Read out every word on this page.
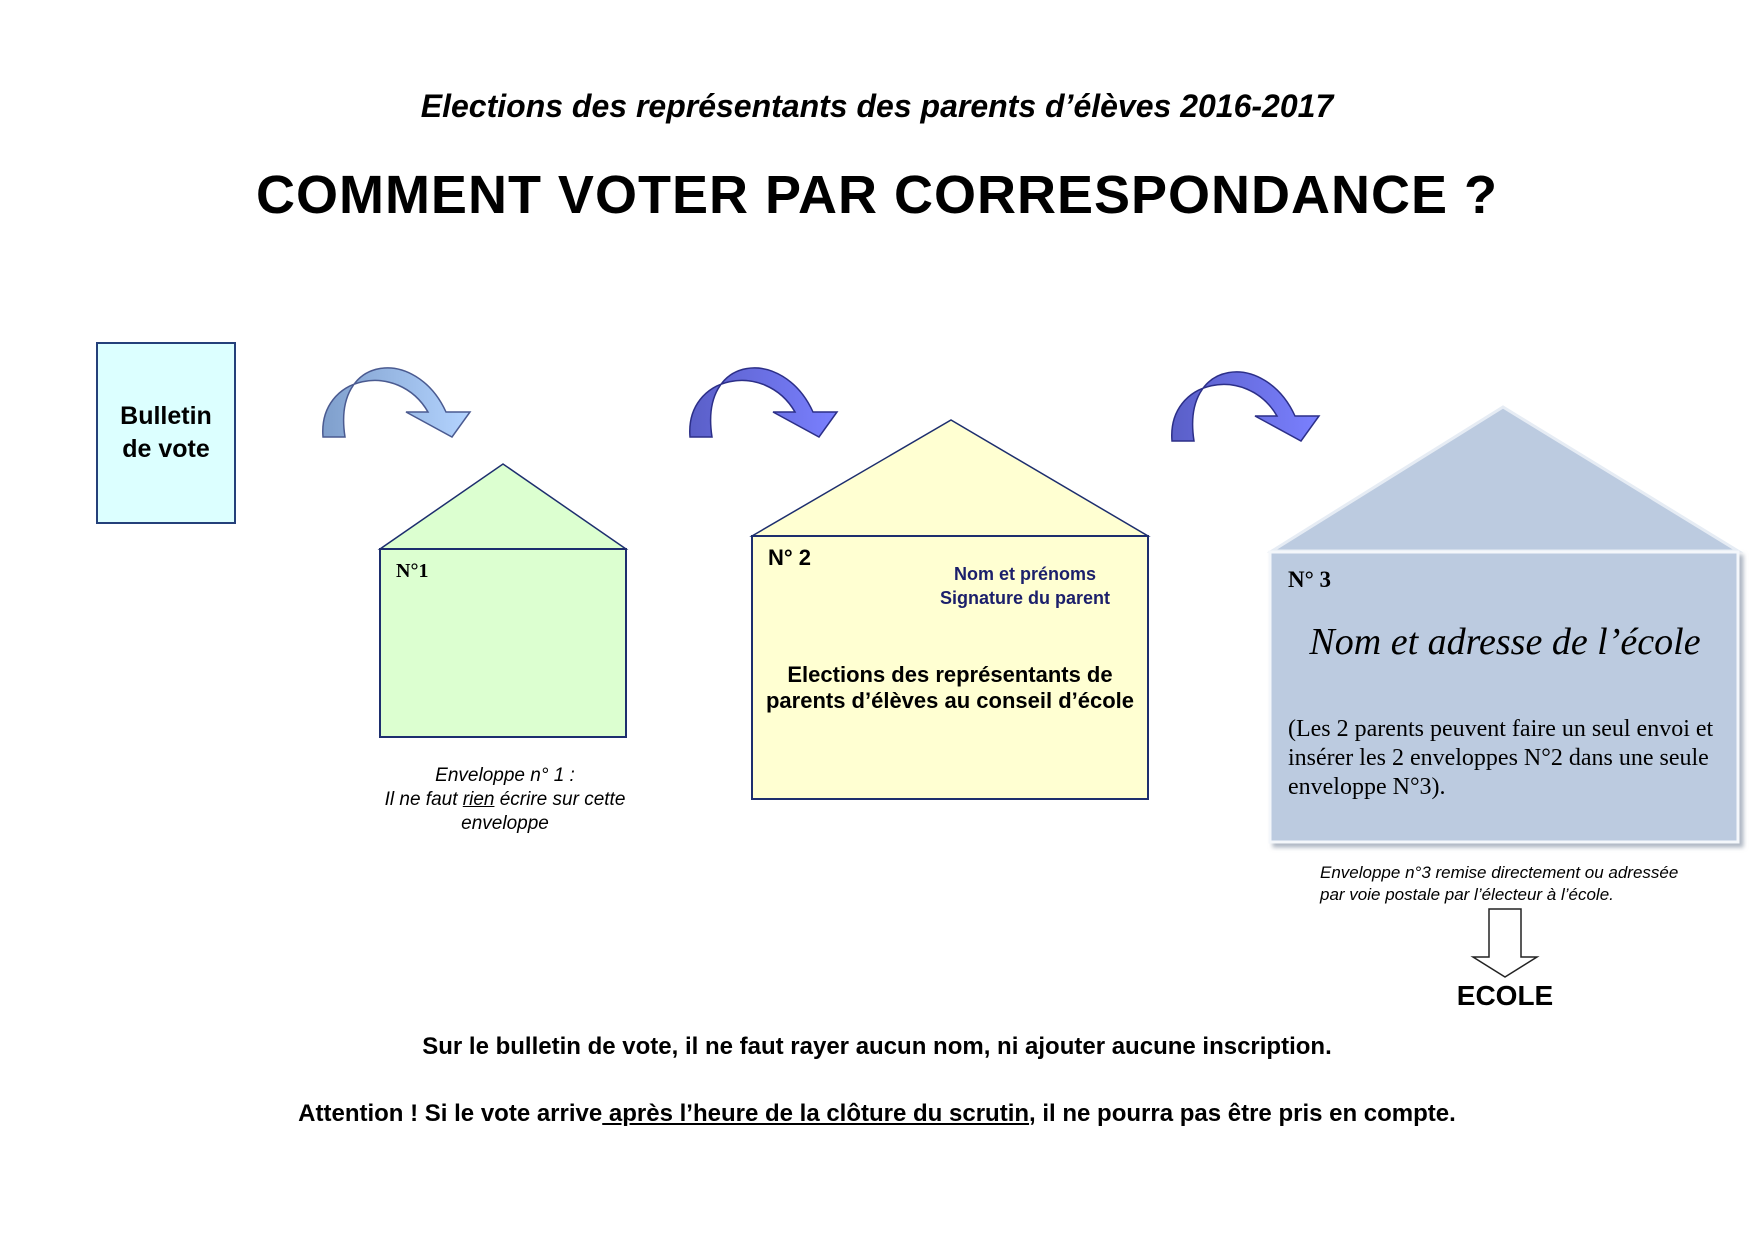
Elections des représentants des parents d’élèves 2016-2017
COMMENT VOTER PAR CORRESPONDANCE ?
Bulletin de vote
N°1
N° 2
N° 3
Nom et prénoms
Signature du parent
Elections des représentants de parents d’élèves au conseil d’école
Nom et adresse de l’école
(Les 2 parents peuvent faire un seul envoi et insérer les 2 enveloppes N°2 dans une seule enveloppe N°3).
Enveloppe n° 1 :
Il ne faut rien écrire sur cette enveloppe
Enveloppe n°3 remise directement ou adressée par voie postale par l’électeur à l’école.
ECOLE
Sur le bulletin de vote, il ne faut rayer aucun nom, ni ajouter aucune inscription.
Attention ! Si le vote arrive après l’heure de la clôture du scrutin, il ne pourra pas être pris en compte.
